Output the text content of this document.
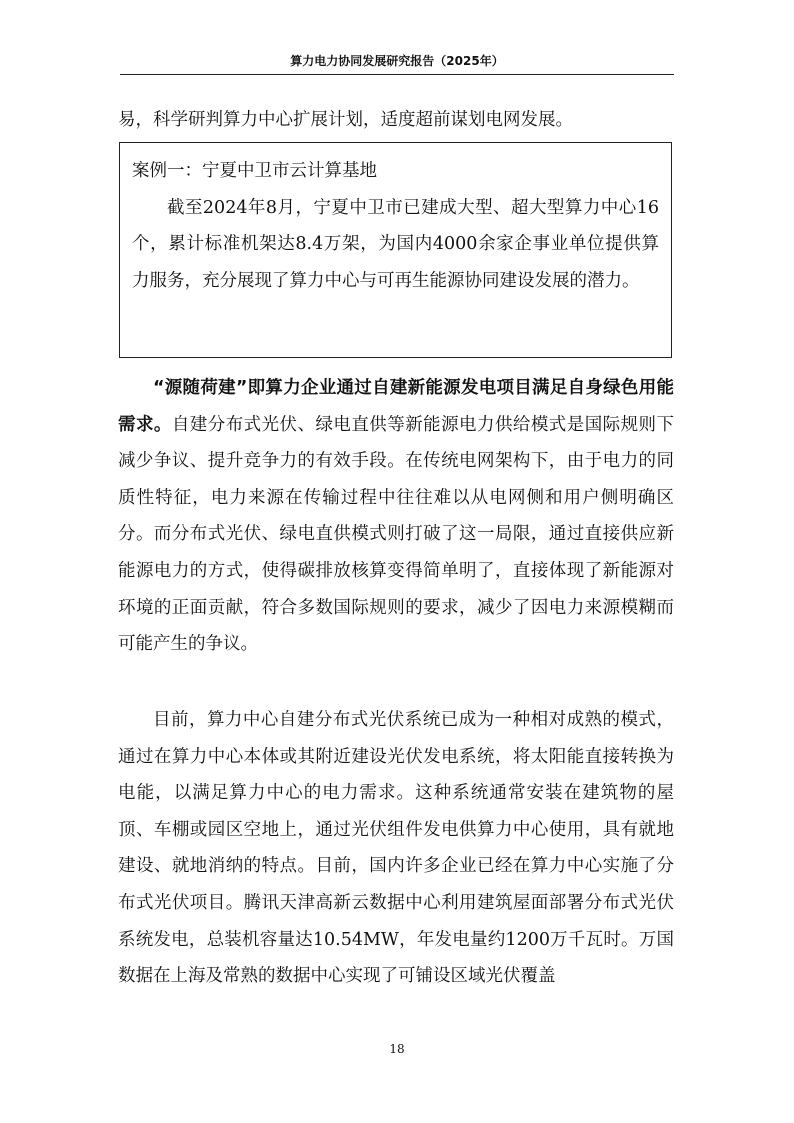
算力电力协同发展研究报告（2025年）

易，科学研判算力中心扩展计划，适度超前谋划电网发展。

案例一：宁夏中卫市云计算基地

截至2024年8月，宁夏中卫市已建成大型、超大型算力中心16个，累计标准机架达8.4万架，为国内4000余家企事业单位提供算力服务，充分展现了算力中心与可再生能源协同建设发展的潜力。

“源随荷建”即算力企业通过自建新能源发电项目满足自身绿色用能需求。自建分布式光伏、绿电直供等新能源电力供给模式是国际规则下减少争议、提升竞争力的有效手段。在传统电网架构下，由于电力的同质性特征，电力来源在传输过程中往往难以从电网侧和用户侧明确区分。而分布式光伏、绿电直供模式则打破了这一局限，通过直接供应新能源电力的方式，使得碳排放核算变得简单明了，直接体现了新能源对环境的正面贡献，符合多数国际规则的要求，减少了因电力来源模糊而可能产生的争议。

目前，算力中心自建分布式光伏系统已成为一种相对成熟的模式，通过在算力中心本体或其附近建设光伏发电系统，将太阳能直接转换为电能，以满足算力中心的电力需求。这种系统通常安装在建筑物的屋顶、车棚或园区空地上，通过光伏组件发电供算力中心使用，具有就地建设、就地消纳的特点。目前，国内许多企业已经在算力中心实施了分布式光伏项目。腾讯天津高新云数据中心利用建筑屋面部署分布式光伏系统发电，总装机容量达10.54MW，年发电量约1200万千瓦时。万国数据在上海及常熟的数据中心实现了可铺设区域光伏覆盖

18
